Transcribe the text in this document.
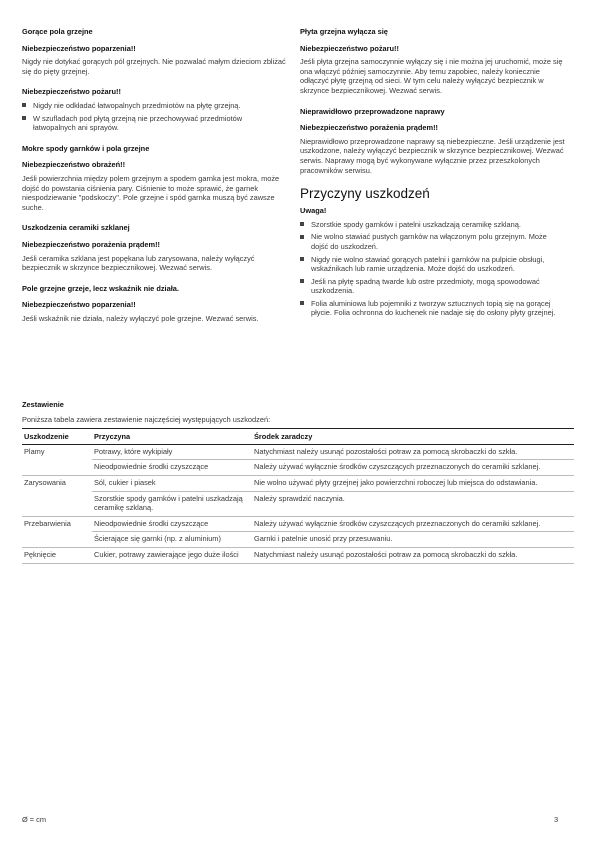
Gorące pola grzejne
Niebezpieczeństwo poparzenia!!
Nigdy nie dotykać gorących pól grzejnych. Nie pozwalać małym dzieciom zbliżać się do pięty grzejnej.
Niebezpieczeństwo pożaru!!
Nigdy nie odkładać łatwopalnych przedmiotów na płytę grzejną.
W szufladach pod płytą grzejną nie przechowywać przedmiotów łatwopalnych ani sprayów.
Mokre spody garnków i pola grzejne
Niebezpieczeństwo obrażeń!!
Jeśli powierzchnia między polem grzejnym a spodem garnka jest mokra, może dojść do powstania ciśnienia pary. Ciśnienie to może sprawić, że garnek niespodziewanie "podskoczy". Pole grzejne i spód garnka muszą być zawsze suche.
Uszkodzenia ceramiki szklanej
Niebezpieczeństwo porażenia prądem!!
Jeśli ceramika szklana jest popękana lub zarysowana, należy wyłączyć bezpiecznik w skrzynce bezpiecznikowej. Wezwać serwis.
Pole grzejne grzeje, lecz wskaźnik nie działa.
Niebezpieczeństwo poparzenia!!
Jeśli wskaźnik nie działa, należy wyłączyć pole grzejne. Wezwać serwis.
Płyta grzejna wyłącza się
Niebezpieczeństwo pożaru!!
Jeśli płyta grzejna samoczynnie wyłączy się i nie można jej uruchomić, może się ona włączyć później samoczynnie. Aby temu zapobiec, należy koniecznie odłączyć płytę grzejną od sieci. W tym celu należy wyłączyć bezpiecznik w skrzynce bezpiecznikowej. Wezwać serwis.
Nieprawidłowo przeprowadzone naprawy
Niebezpieczeństwo porażenia prądem!!
Nieprawidłowo przeprowadzone naprawy są niebezpieczne. Jeśli urządzenie jest uszkodzone, należy wyłączyć bezpiecznik w skrzynce bezpiecznikowej. Wezwać serwis. Naprawy mogą być wykonywane wyłącznie przez przeszkolonych pracowników serwisu.
Przyczyny uszkodzeń
Uwaga!
Szorstkie spody garnków i patelni uszkadzają ceramikę szklaną.
Nie wolno stawiać pustych garnków na włączonym polu grzejnym. Może dojść do uszkodzeń.
Nigdy nie wolno stawiać gorących patelni i garnków na pulpicie obsługi, wskaźnikach lub ramie urządzenia. Może dojść do uszkodzeń.
Jeśli na płytę spadną twarde lub ostre przedmioty, mogą spowodować uszkodzenia.
Folia aluminiowa lub pojemniki z tworzyw sztucznych topią się na gorącej płycie. Folia ochronna do kuchenek nie nadaje się do osłony płyty grzejnej.
Zestawienie
Poniższa tabela zawiera zestawienie najczęściej występujących uszkodzeń:
Uszkodzenie	Przyczyna	Środek zaradczy
Plamy	Potrawy, które wykipiały	Natychmiast należy usunąć pozostałości potraw za pomocą skrobaczki do szkła.
	Nieodpowiednie środki czyszczące	Należy używać wyłącznie środków czyszczących przeznaczonych do ceramiki szklanej.
Zarysowania	Sól, cukier i piasek	Nie wolno używać płyty grzejnej jako powierzchni roboczej lub miejsca do odstawiania.
	Szorstkie spody garnków i patelni uszkadzają ceramikę szklaną.	Należy sprawdzić naczynia.
Przebarwienia	Nieodpowiednie środki czyszczące	Należy używać wyłącznie środków czyszczących przeznaczonych do ceramiki szklanej.
	Ścierające się garnki (np. z aluminium)	Garnki i patelnie unosić przy przesuwaniu.
Pęknięcie	Cukier, potrawy zawierające jego duże ilości	Natychmiast należy usunąć pozostałości potraw za pomocą skrobaczki do szkła.
Ø = cm	3
